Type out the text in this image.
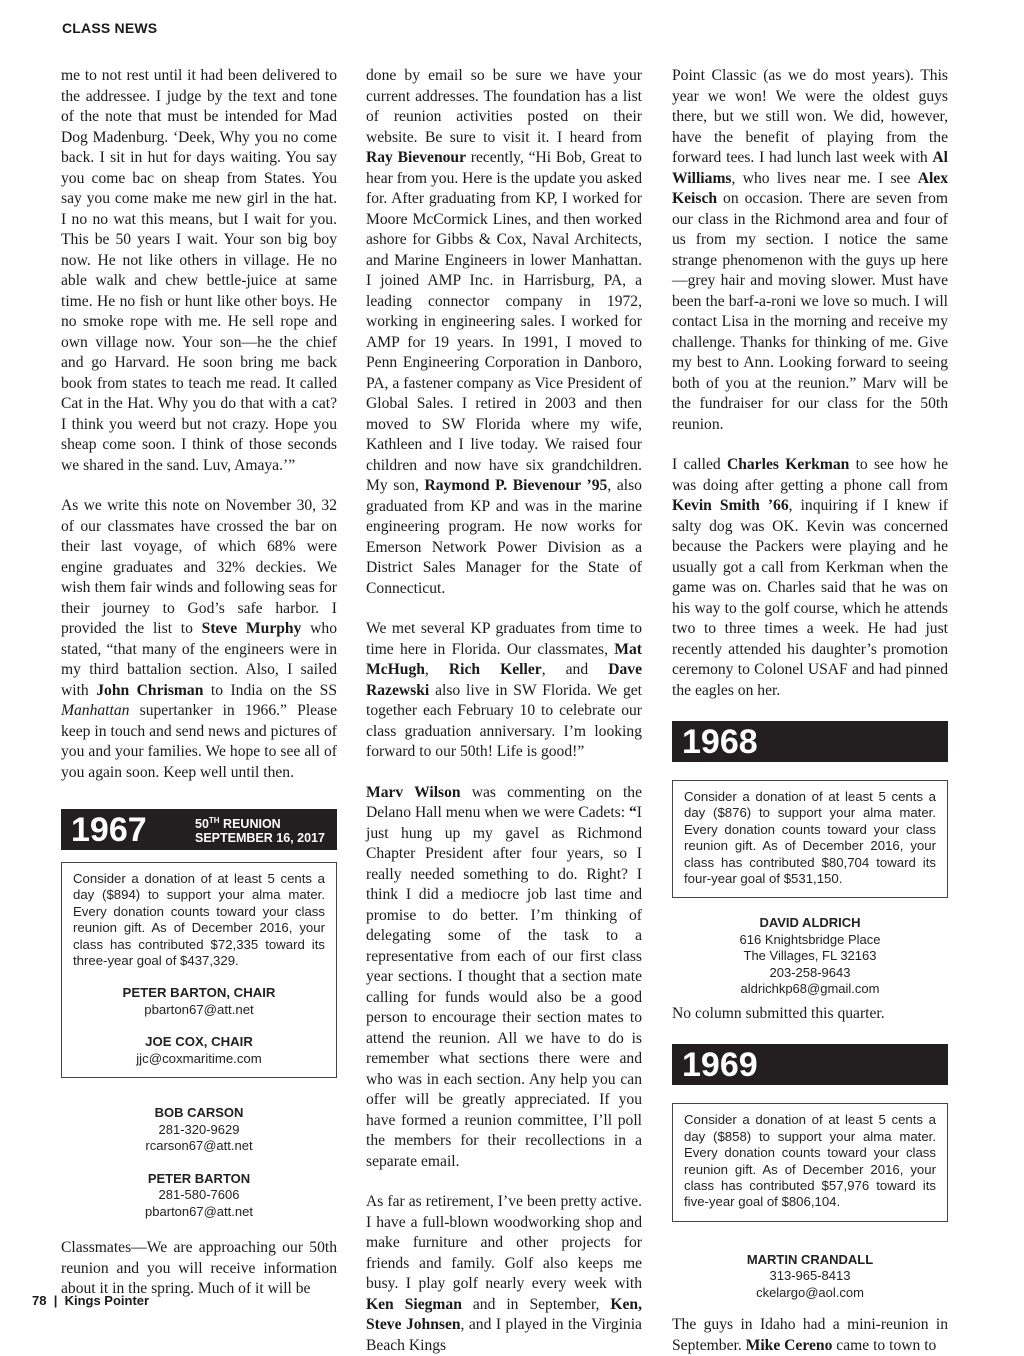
CLASS NEWS

me to not rest until it had been delivered to the addressee. I judge by the text and tone of the note that must be intended for Mad Dog Madenburg. ‘Deek, Why you no come back. I sit in hut for days waiting. You say you come bac on sheap from States. You say you come make me new girl in the hat. I no no wat this means, but I wait for you. This be 50 years I wait. Your son big boy now. He not like others in village. He no able walk and chew bettle-juice at same time. He no fish or hunt like other boys. He no smoke rope with me. He sell rope and own village now. Your son—he the chief and go Harvard. He soon bring me back book from states to teach me read. It called Cat in the Hat. Why you do that with a cat? I think you weerd but not crazy. Hope you sheap come soon. I think of those seconds we shared in the sand. Luv, Amaya.’”

As we write this note on November 30, 32 of our classmates have crossed the bar on their last voyage, of which 68% were engine graduates and 32% deckies. We wish them fair winds and following seas for their journey to God’s safe harbor. I provided the list to Steve Murphy who stated, “that many of the engineers were in my third battalion section. Also, I sailed with John Chrisman to India on the SS Manhattan supertanker in 1966.” Please keep in touch and send news and pictures of you and your families. We hope to see all of you again soon. Keep well until then.

1967	50TH REUNION
SEPTEMBER 16, 2017
Consider a donation of at least 5 cents a day ($894) to support your alma mater. Every donation counts toward your class reunion gift. As of December 2016, your class has contributed $72,335 toward its three-year goal of $437,329.
PETER BARTON, CHAIR
pbarton67@att.net
JOE COX, CHAIR
jjc@coxmaritime.com
BOB CARSON
281-320-9629
rcarson67@att.net
PETER BARTON
281-580-7606
pbarton67@att.net

Classmates—We are approaching our 50th reunion and you will receive information about it in the spring. Much of it will be

done by email so be sure we have your current addresses. The foundation has a list of reunion activities posted on their website. Be sure to visit it. I heard from Ray Bievenour recently, “Hi Bob, Great to hear from you. Here is the update you asked for. After graduating from KP, I worked for Moore McCormick Lines, and then worked ashore for Gibbs & Cox, Naval Architects, and Marine Engineers in lower Manhattan. I joined AMP Inc. in Harrisburg, PA, a leading connector company in 1972, working in engineering sales. I worked for AMP for 19 years. In 1991, I moved to Penn Engineering Corporation in Danboro, PA, a fastener company as Vice President of Global Sales. I retired in 2003 and then moved to SW Florida where my wife, Kathleen and I live today. We raised four children and now have six grandchildren. My son, Raymond P. Bievenour ’95, also graduated from KP and was in the marine engineering program. He now works for Emerson Network Power Division as a District Sales Manager for the State of Connecticut.

We met several KP graduates from time to time here in Florida. Our classmates, Mat McHugh, Rich Keller, and Dave Razewski also live in SW Florida. We get together each February 10 to celebrate our class graduation anniversary. I’m looking forward to our 50th! Life is good!”

Marv Wilson was commenting on the Delano Hall menu when we were Cadets: “I just hung up my gavel as Richmond Chapter President after four years, so I really needed something to do. Right? I think I did a mediocre job last time and promise to do better. I’m thinking of delegating some of the task to a representative from each of our first class year sections. I thought that a section mate calling for funds would also be a good person to encourage their section mates to attend the reunion. All we have to do is remember what sections there were and who was in each section. Any help you can offer will be greatly appreciated. If you have formed a reunion committee, I’ll poll the members for their recollections in a separate email.

As far as retirement, I’ve been pretty active. I have a full-blown woodworking shop and make furniture and other projects for friends and family. Golf also keeps me busy. I play golf nearly every week with Ken Siegman and in September, Ken, Steve Johnsen, and I played in the Virginia Beach Kings

Point Classic (as we do most years). This year we won! We were the oldest guys there, but we still won. We did, however, have the benefit of playing from the forward tees. I had lunch last week with Al Williams, who lives near me. I see Alex Keisch on occasion. There are seven from our class in the Richmond area and four of us from my section. I notice the same strange phenomenon with the guys up here—grey hair and moving slower. Must have been the barf-a-roni we love so much. I will contact Lisa in the morning and receive my challenge. Thanks for thinking of me. Give my best to Ann. Looking forward to seeing both of you at the reunion.” Marv will be the fundraiser for our class for the 50th reunion.

I called Charles Kerkman to see how he was doing after getting a phone call from Kevin Smith ’66, inquiring if I knew if salty dog was OK. Kevin was concerned because the Packers were playing and he usually got a call from Kerkman when the game was on. Charles said that he was on his way to the golf course, which he attends two to three times a week. He had just recently attended his daughter’s promotion ceremony to Colonel USAF and had pinned the eagles on her.

1968
Consider a donation of at least 5 cents a day ($876) to support your alma mater. Every donation counts toward your class reunion gift. As of December 2016, your class has contributed $80,704 toward its four-year goal of $531,150.
DAVID ALDRICH
616 Knightsbridge Place
The Villages, FL 32163
203-258-9643
aldrichkp68@gmail.com

No column submitted this quarter.

1969
Consider a donation of at least 5 cents a day ($858) to support your alma mater. Every donation counts toward your class reunion gift. As of December 2016, your class has contributed $57,976 toward its five-year goal of $806,104.
MARTIN CRANDALL
313-965-8413
ckelargo@aol.com

The guys in Idaho had a mini-reunion in September. Mike Cereno came to town to

78 | Kings Pointer
